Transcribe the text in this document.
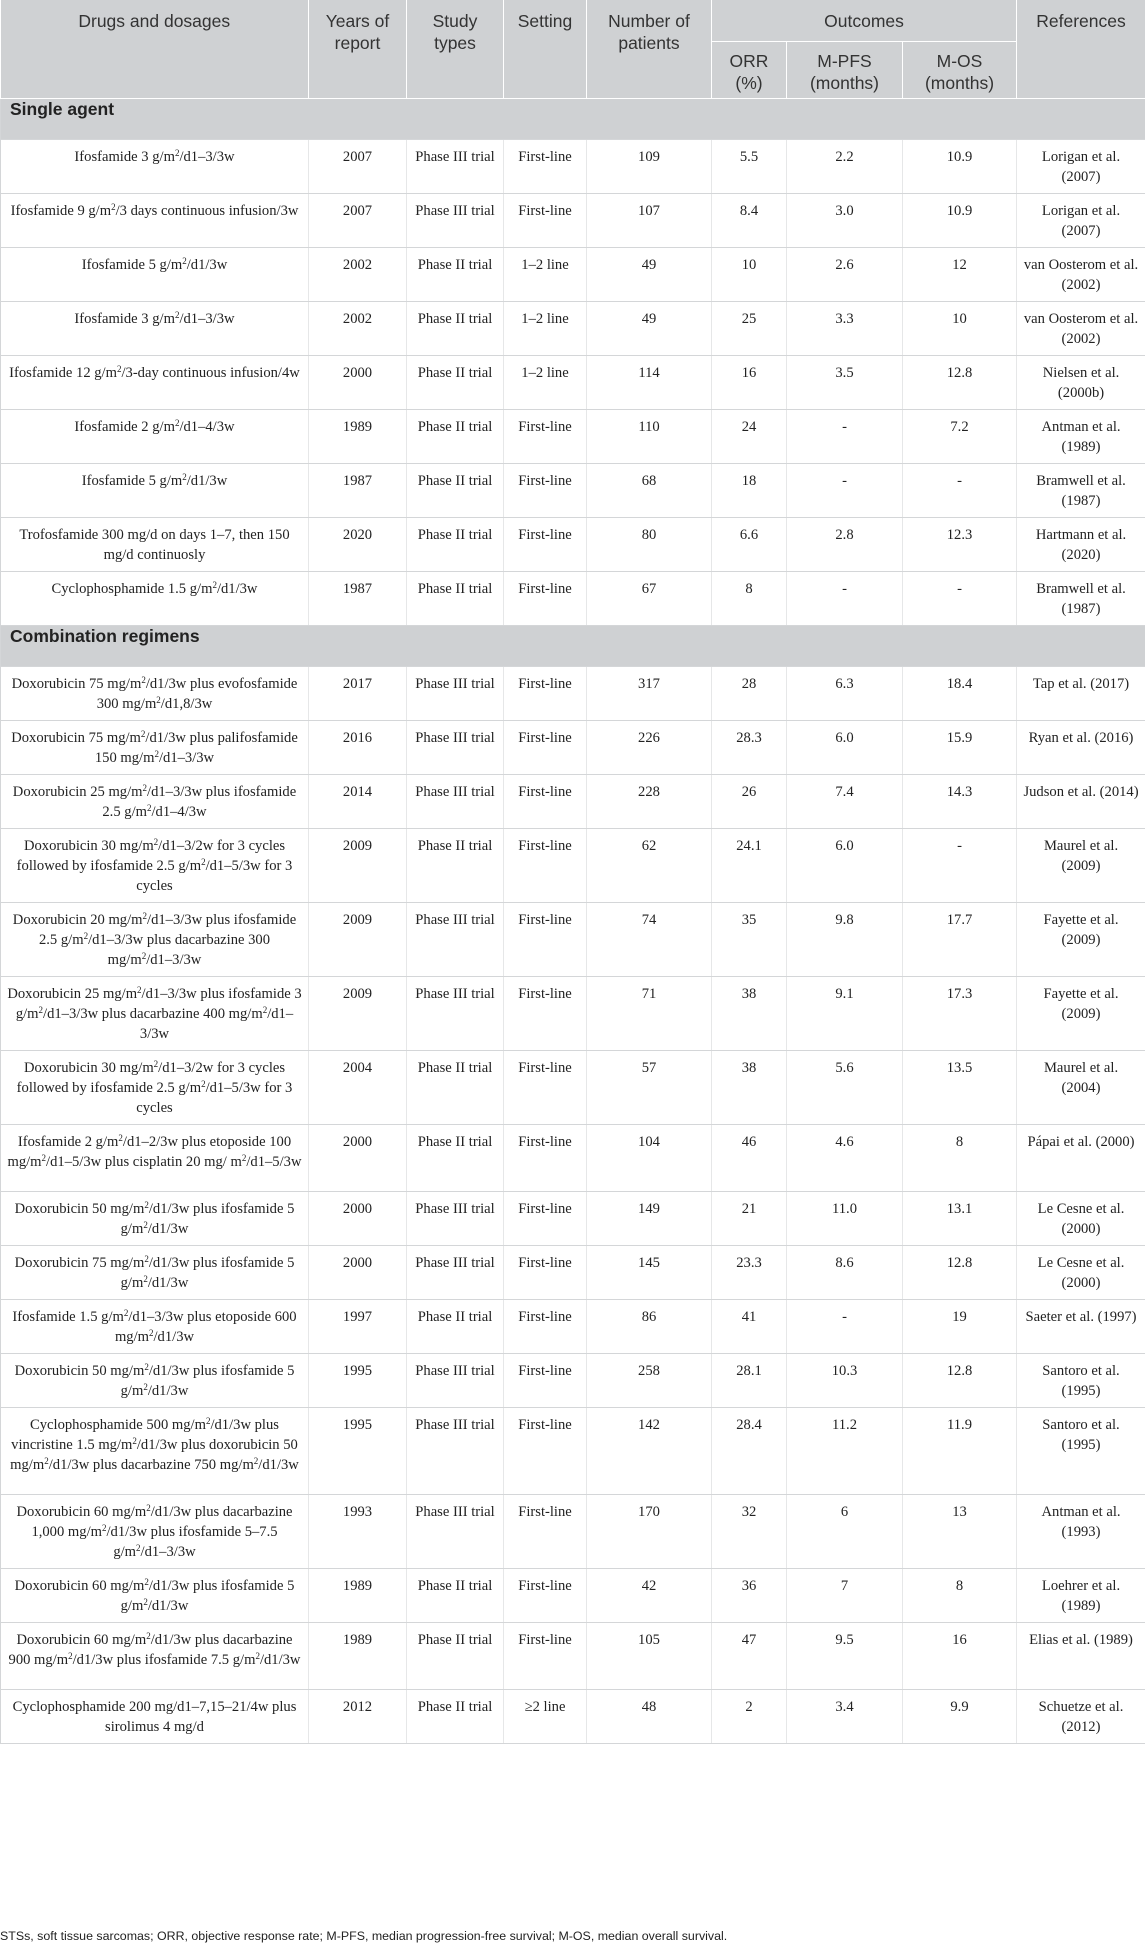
Drugs and dosages	Years of report	Study types	Setting	Number of patients	Outcomes			References
					ORR (%)	M-PFS (months)	M-OS (months)	
Single agent								
Ifosfamide 3 $g/m^2/d1-3/3w$	2007	Phase III trial	First-line	109	5.5	2.2	10.9	Lorigan et al. (2007)
Ifosfamide 9 $g/m^2/3$ days continuous infusion/3w	2007	Phase III trial	First-line	107	8.4	3.0	10.9	Lorigan et al. (2007)
Ifosfamide 5 $g/m^2/d1/3w$	2002	Phase II trial	1–2 line	49	10	2.6	12	van Oosterom et al. (2002)
Ifosfamide 3 $g/m^2/d1-3/3w$	2002	Phase II trial	1–2 line	49	25	3.3	10	van Oosterom et al. (2002)
Ifosfamide 12 $g/m^2/3$-day continuous infusion/4w	2000	Phase II trial	1–2 line	114	16	3.5	12.8	Nielsen et al. (2000b)
Ifosfamide 2 $g/m^2/d1-4/3w$	1989	Phase II trial	First-line	110	24	-	7.2	Antman et al. (1989)
Ifosfamide 5 $g/m^2/d1/3w$	1987	Phase II trial	First-line	68	18	-	-	Bramwell et al. (1987)
Trofosfamide 300 mg/d on days 1–7, then 150 mg/d continuosly	2020	Phase II trial	First-line	80	6.6	2.8	12.3	Hartmann et al. (2020)
Cyclophosphamide 1.5 $g/m^2/d1/3w$	1987	Phase II trial	First-line	67	8	-	-	Bramwell et al. (1987)
Combination regimens								
Doxorubicin 75 $mg/m^2/d1/3w$ plus evofosfamide 300 $mg/m^2/d1,8/3w$	2017	Phase III trial	First-line	317	28	6.3	18.4	Tap et al. (2017)
Doxorubicin 75 $mg/m^2/d1/3w$ plus palifosfamide 150 $mg/m^2/d1-3/3w$	2016	Phase III trial	First-line	226	28.3	6.0	15.9	Ryan et al. (2016)
Doxorubicin 25 $mg/m^2/d1-3/3w$ plus ifosfamide 2.5 $g/m^2/d1-4/3w$	2014	Phase III trial	First-line	228	26	7.4	14.3	Judson et al. (2014)
Doxorubicin 30 $mg/m^2/d1-3/2w$ for 3 cycles followed by ifosfamide 2.5 $g/m^2/d1-5/3w$ for 3 cycles	2009	Phase II trial	First-line	62	24.1	6.0	-	Maurel et al. (2009)
Doxorubicin 20 $mg/m^2/d1-3/3w$ plus ifosfamide 2.5 $g/m^2/d1-3/3w$ plus dacarbazine 300 $mg/m^2/d1-3/3w$	2009	Phase III trial	First-line	74	35	9.8	17.7	Fayette et al. (2009)
Doxorubicin 25 $mg/m^2/d1-3/3w$ plus ifosfamide 3 $g/m^2/d1-3/3w$ plus dacarbazine 400 $mg/m^2/d1-3/3w$	2009	Phase III trial	First-line	71	38	9.1	17.3	Fayette et al. (2009)
Doxorubicin 30 $mg/m^2/d1-3/2w$ for 3 cycles followed by ifosfamide 2.5 $g/m^2/d1-5/3w$ for 3 cycles	2004	Phase II trial	First-line	57	38	5.6	13.5	Maurel et al. (2004)
Ifosfamide 2 $g/m^2/d1-2/3w$ plus etoposide 100 $mg/m^2/d1-5/3w$ plus cisplatin 20 mg/ $m^2/d1-5/3w$	2000	Phase II trial	First-line	104	46	4.6	8	Pápai et al. (2000)
Doxorubicin 50 $mg/m^2/d1/3w$ plus ifosfamide 5 $g/m^2/d1/3w$	2000	Phase III trial	First-line	149	21	11.0	13.1	Le Cesne et al. (2000)
Doxorubicin 75 $mg/m^2/d1/3w$ plus ifosfamide 5 $g/m^2/d1/3w$	2000	Phase III trial	First-line	145	23.3	8.6	12.8	Le Cesne et al. (2000)
Ifosfamide 1.5 $g/m^2/d1-3/3w$ plus etoposide 600 $mg/m^2/d1/3w$	1997	Phase II trial	First-line	86	41	-	19	Saeter et al. (1997)
Doxorubicin 50 $mg/m^2/d1/3w$ plus ifosfamide 5 $g/m^2/d1/3w$	1995	Phase III trial	First-line	258	28.1	10.3	12.8	Santoro et al. (1995)
Cyclophosphamide 500 $mg/m^2/d1/3w$ plus vincristine 1.5 $mg/m^2/d1/3w$ plus doxorubicin 50 $mg/m^2/d1/3w$ plus dacarbazine 750 $mg/m^2/d1/3w$	1995	Phase III trial	First-line	142	28.4	11.2	11.9	Santoro et al. (1995)
Doxorubicin 60 $mg/m^2/d1/3w$ plus dacarbazine 1,000 $mg/m^2/d1/3w$ plus ifosfamide 5–7.5 $g/m^2/d1-3/3w$	1993	Phase III trial	First-line	170	32	6	13	Antman et al. (1993)
Doxorubicin 60 $mg/m^2/d1/3w$ plus ifosfamide 5 $g/m^2/d1/3w$	1989	Phase II trial	First-line	42	36	7	8	Loehrer et al. (1989)
Doxorubicin 60 $mg/m^2/d1/3w$ plus dacarbazine 900 $mg/m^2/d1/3w$ plus ifosfamide 7.5 $g/m^2/d1/3w$	1989	Phase II trial	First-line	105	47	9.5	16	Elias et al. (1989)
Cyclophosphamide 200 mg/d1–7,15–21/4w plus sirolimus 4 mg/d	2012	Phase II trial	≥2 line	48	2	3.4	9.9	Schuetze et al. (2012)
STSs, soft tissue sarcomas; ORR, objective response rate; M-PFS, median progression-free survival; M-OS, median overall survival.
